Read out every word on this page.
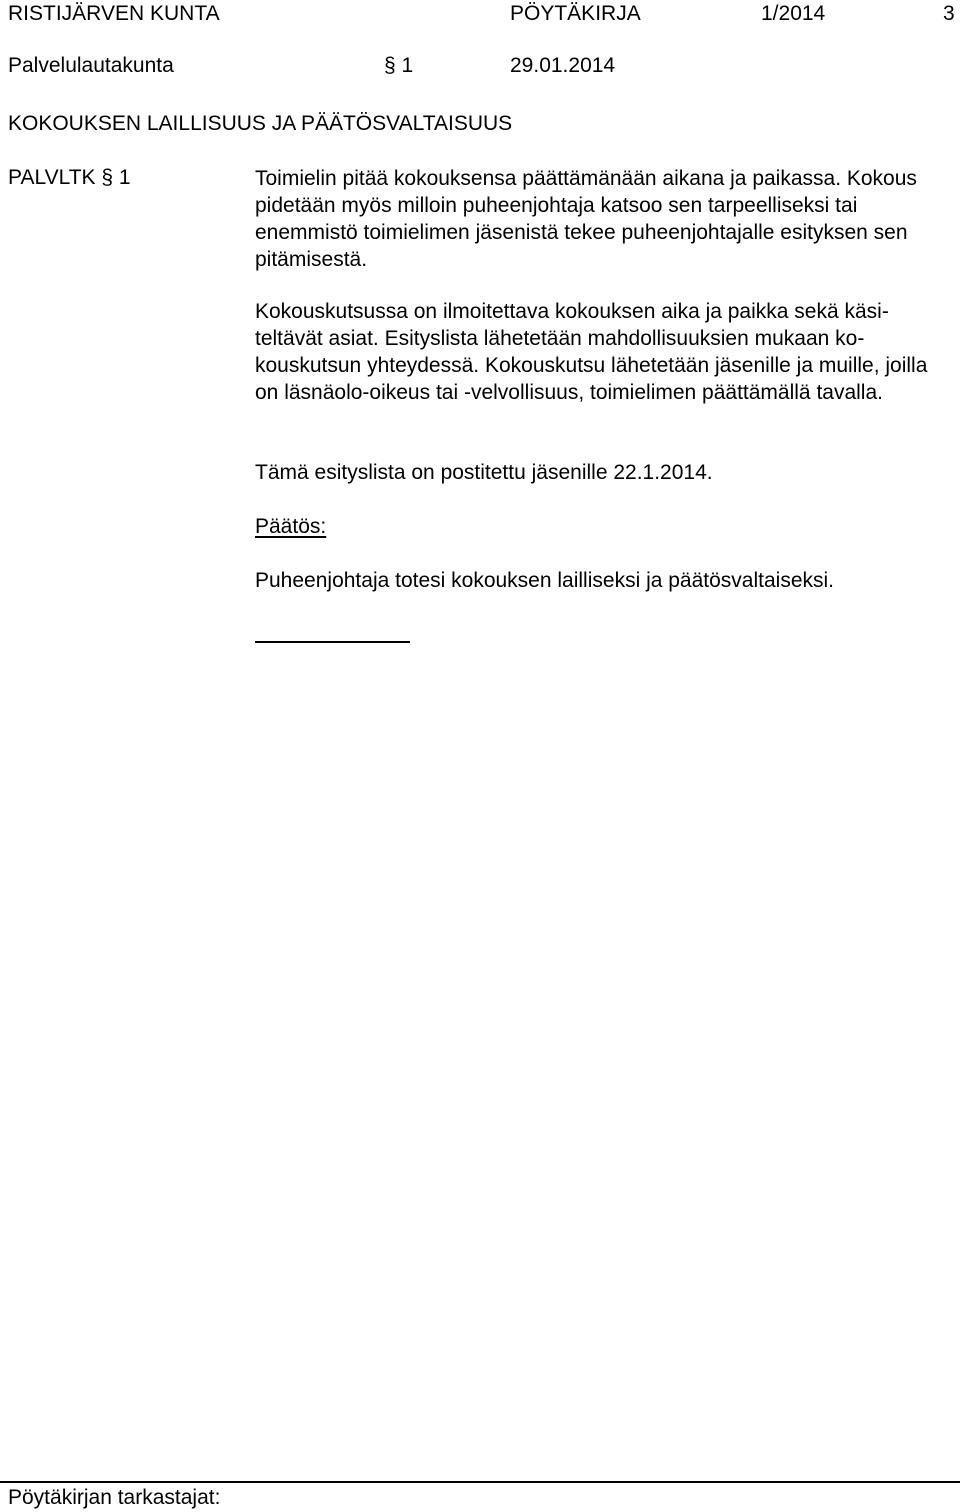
RISTIJÄRVEN KUNTA	PÖYTÄKIRJA	1/2014	3
Palvelulautakunta	§ 1	29.01.2014
KOKOUKSEN LAILLISUUS JA PÄÄTÖSVALTAISUUS
PALVLTK § 1	Toimielin pitää kokouksensa päättämänään aikana ja paikassa. Kokous pidetään myös milloin puheenjohtaja katsoo sen tarpeelliseksi tai enemmistö toimielimen jäsenistä tekee puheenjohtajalle esityksen sen pitämisestä.

Kokouskutsussa on ilmoitettava kokouksen aika ja paikka sekä käsiteltävät asiat. Esityslista lähetetään mahdollisuuksien mukaan kokouskutsun yhteydessä. Kokouskutsu lähetetään jäsenille ja muille, joilla on läsnäolo-oikeus tai -velvollisuus, toimielimen päättämällä tavalla.

Tämä esityslista on postitettu jäsenille 22.1.2014.

Päätös:

Puheenjohtaja totesi kokouksen lailliseksi ja päätösvaltaiseksi.

Pöytäkirjan tarkastajat:
